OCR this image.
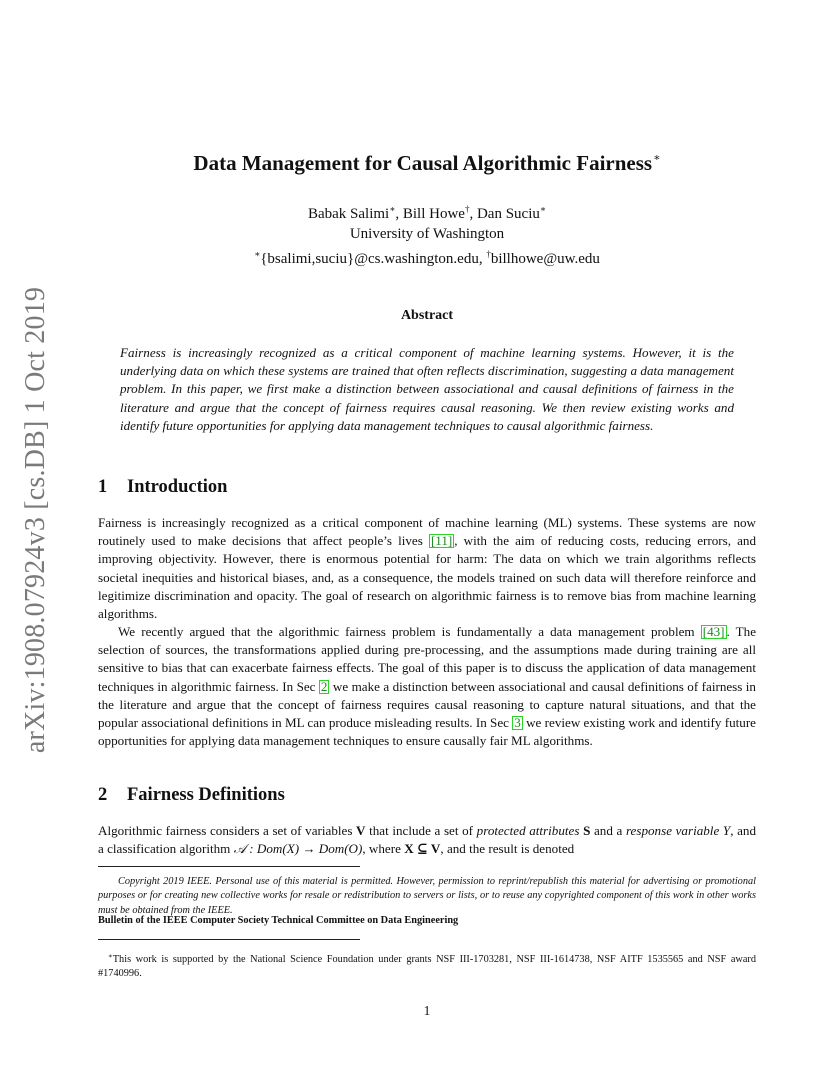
arXiv:1908.07924v3 [cs.DB] 1 Oct 2019
Data Management for Causal Algorithmic Fairness∗
Babak Salimi∗, Bill Howe†, Dan Suciu∗
University of Washington
∗{bsalimi,suciu}@cs.washington.edu, †billhowe@uw.edu
Abstract
Fairness is increasingly recognized as a critical component of machine learning systems. However, it is the underlying data on which these systems are trained that often reflects discrimination, suggesting a data management problem. In this paper, we first make a distinction between associational and causal definitions of fairness in the literature and argue that the concept of fairness requires causal reasoning. We then review existing works and identify future opportunities for applying data management techniques to causal algorithmic fairness.
1 Introduction
Fairness is increasingly recognized as a critical component of machine learning (ML) systems. These systems are now routinely used to make decisions that affect people’s lives [11] , with the aim of reducing costs, reducing errors, and improving objectivity. However, there is enormous potential for harm: The data on which we train algorithms reflects societal inequities and historical biases, and, as a consequence, the models trained on such data will therefore reinforce and legitimize discrimination and opacity. The goal of research on algorithmic fairness is to remove bias from machine learning algorithms.
We recently argued that the algorithmic fairness problem is fundamentally a data management problem [43] . The selection of sources, the transformations applied during pre-processing, and the assumptions made during training are all sensitive to bias that can exacerbate fairness effects. The goal of this paper is to discuss the application of data management techniques in algorithmic fairness. In Sec 2 we make a distinction between associational and causal definitions of fairness in the literature and argue that the concept of fairness requires causal reasoning to capture natural situations, and that the popular associational definitions in ML can produce misleading results. In Sec 3 we review existing work and identify future opportunities for applying data management techniques to ensure causally fair ML algorithms.
2 Fairness Definitions
Algorithmic fairness considers a set of variables V that include a set of protected attributes S and a response variable Y, and a classification algorithm 𝒜 : Dom(X) → Dom(O), where X ⊆ V, and the result is denoted
Copyright 2019 IEEE. Personal use of this material is permitted. However, permission to reprint/republish this material for advertising or promotional purposes or for creating new collective works for resale or redistribution to servers or lists, or to reuse any copyrighted component of this work in other works must be obtained from the IEEE.
Bulletin of the IEEE Computer Society Technical Committee on Data Engineering
∗This work is supported by the National Science Foundation under grants NSF III-1703281, NSF III-1614738, NSF AITF 1535565 and NSF award #1740996.
1
